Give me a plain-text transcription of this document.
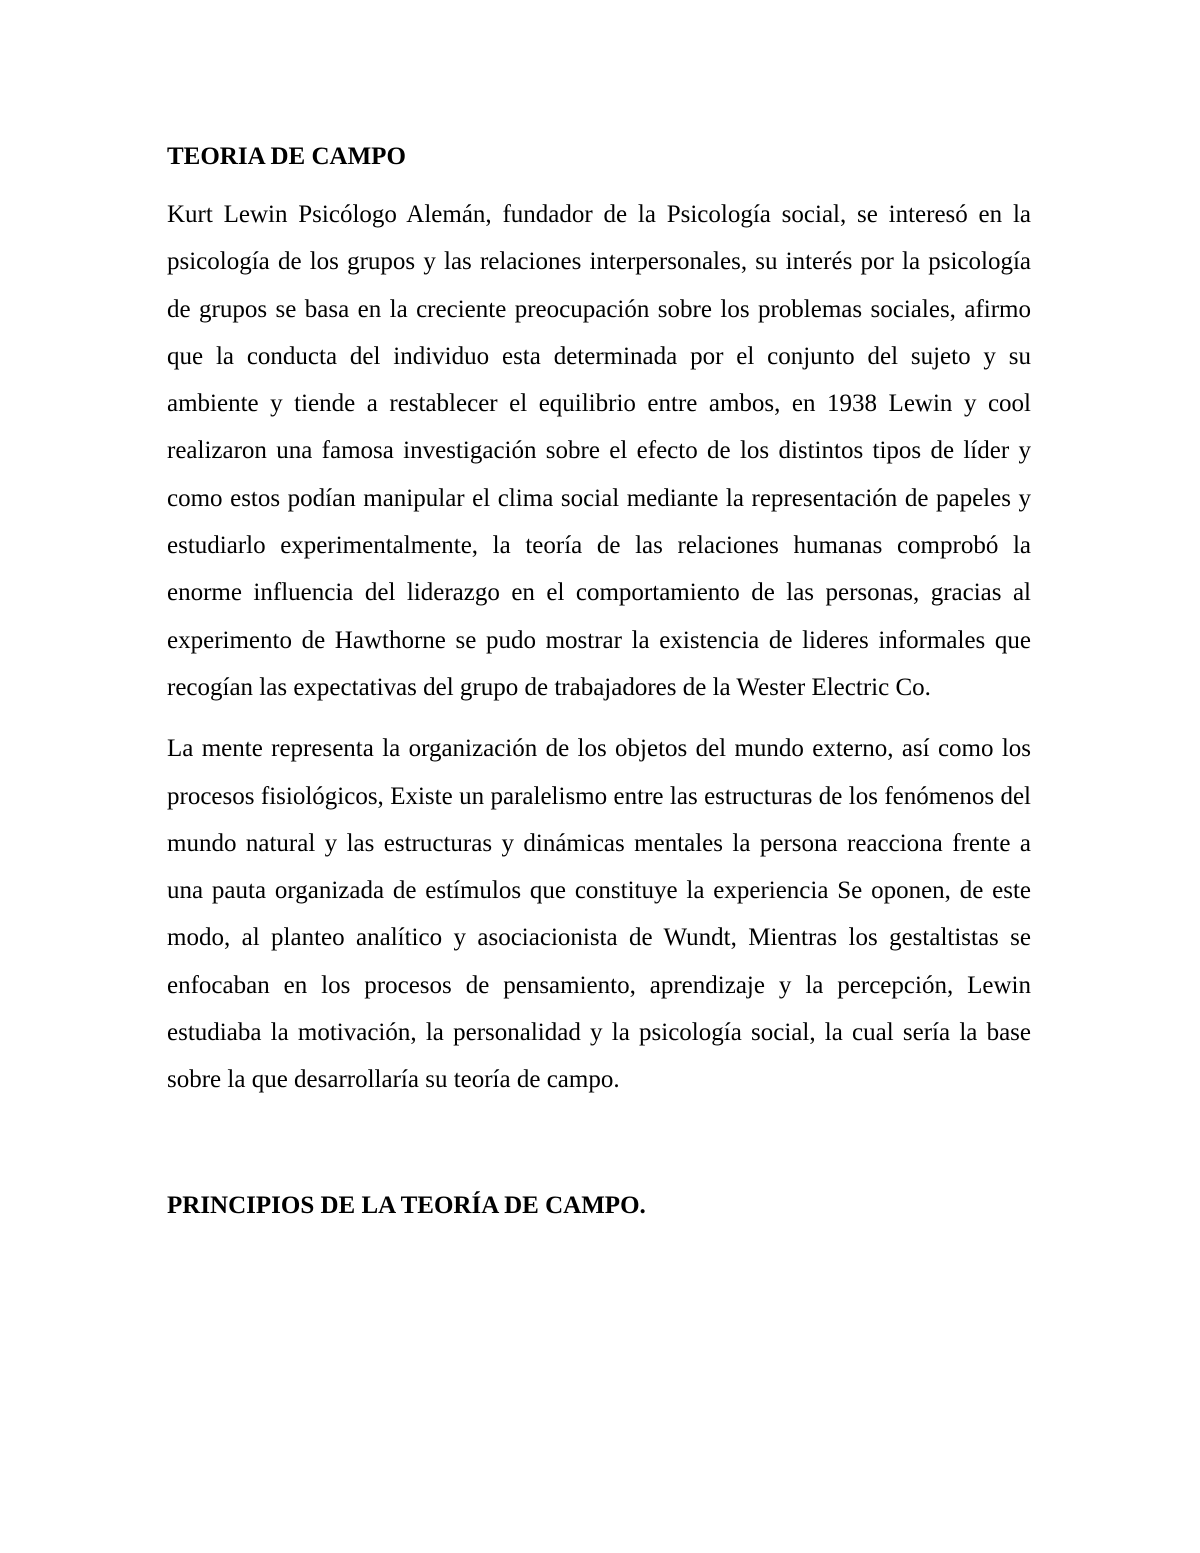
TEORIA DE CAMPO

Kurt Lewin Psicólogo Alemán, fundador de la Psicología social, se interesó en la psicología de los grupos y las relaciones interpersonales, su interés por la psicología de grupos se basa en la creciente preocupación sobre los problemas sociales, afirmo que la conducta del individuo esta determinada por el conjunto del sujeto y su ambiente y tiende a restablecer el equilibrio entre ambos, en 1938 Lewin y cool realizaron una famosa investigación sobre el efecto de los distintos tipos de líder y como estos podían manipular el clima social mediante la representación de papeles y estudiarlo experimentalmente, la teoría de las relaciones humanas comprobó la enorme influencia del liderazgo en el comportamiento de las personas, gracias al experimento de Hawthorne se pudo mostrar la existencia de lideres informales que recogían las expectativas del grupo de trabajadores de la Wester Electric Co.

La mente representa la organización de los objetos del mundo externo, así como los procesos fisiológicos, Existe un paralelismo entre las estructuras de los fenómenos del mundo natural y las estructuras y dinámicas mentales la persona reacciona frente a una pauta organizada de estímulos que constituye la experiencia Se oponen, de este modo, al planteo analítico y asociacionista de Wundt, Mientras los gestaltistas se enfocaban en los procesos de pensamiento, aprendizaje y la percepción, Lewin estudiaba la motivación, la personalidad y la psicología social, la cual sería la base sobre la que desarrollaría su teoría de campo.

PRINCIPIOS DE LA TEORÍA DE CAMPO.
